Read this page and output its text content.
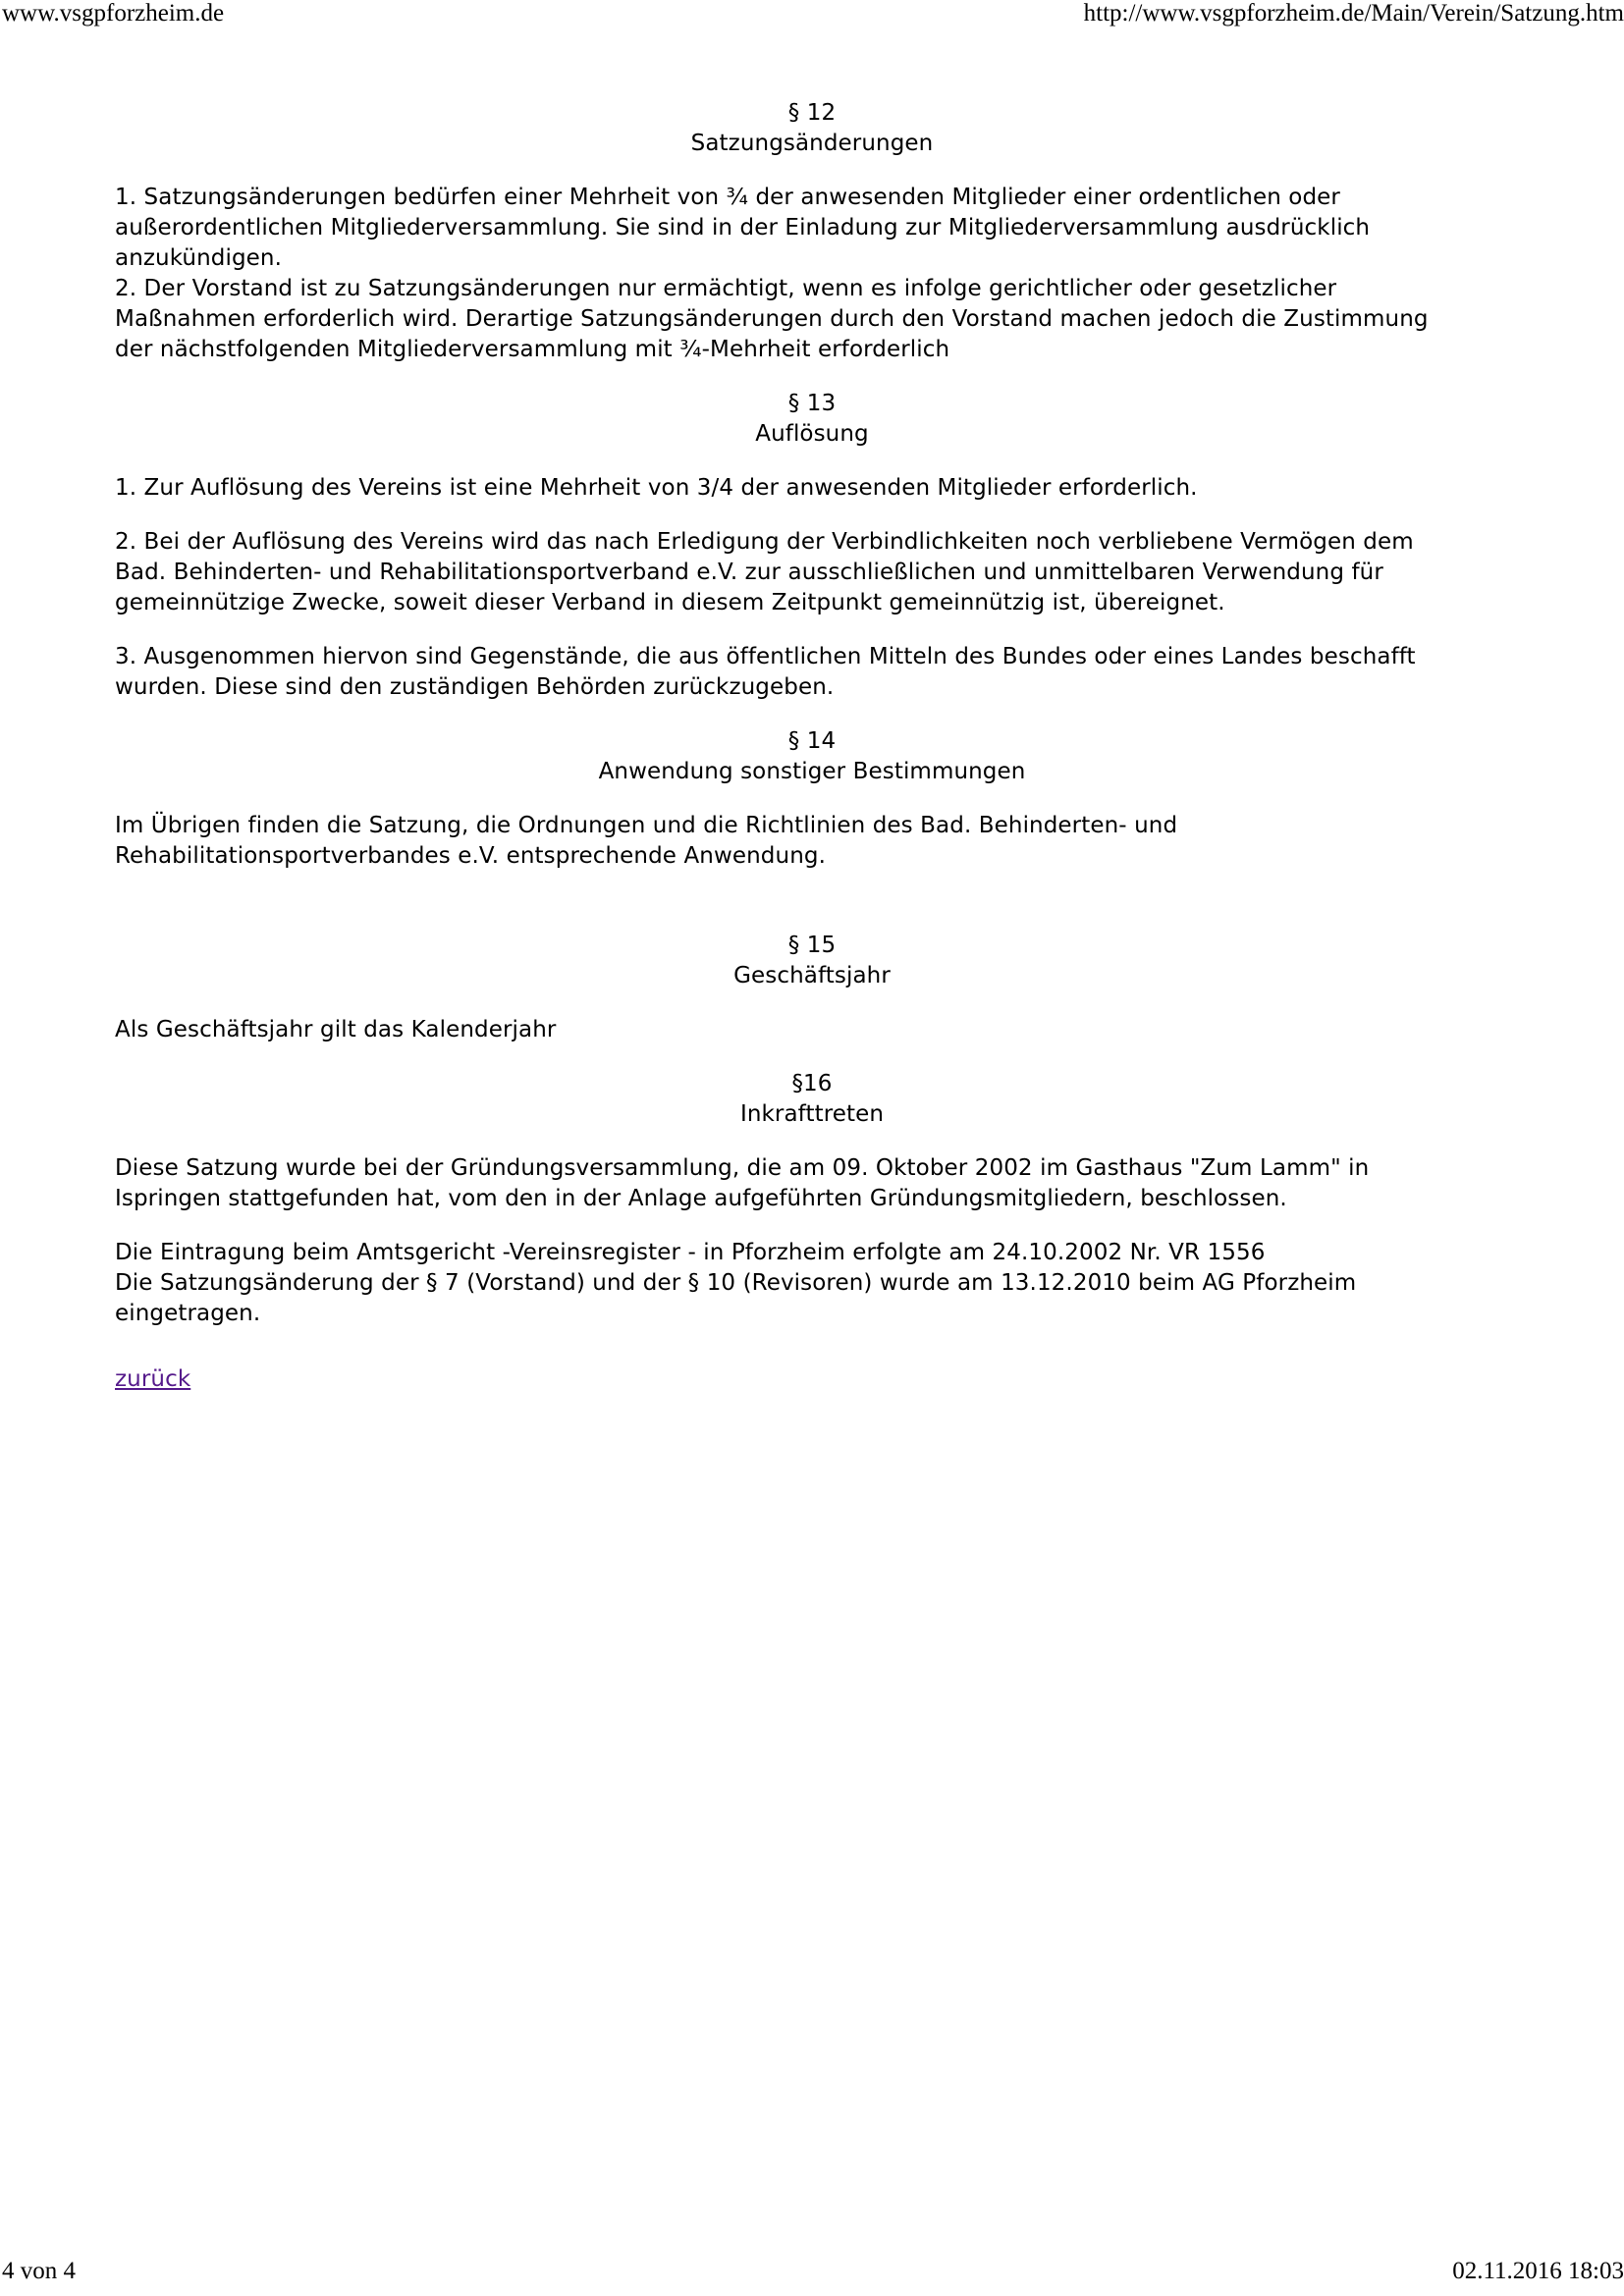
www.vsgpforzheim.de	http://www.vsgpforzheim.de/Main/Verein/Satzung.htm
§ 12
Satzungsänderungen
1. Satzungsänderungen bedürfen einer Mehrheit von ¾ der anwesenden Mitglieder einer ordentlichen oder
außerordentlichen Mitgliederversammlung. Sie sind in der Einladung zur Mitgliederversammlung ausdrücklich
anzukündigen.
2. Der Vorstand ist zu Satzungsänderungen nur ermächtigt, wenn es infolge gerichtlicher oder gesetzlicher
Maßnahmen erforderlich wird. Derartige Satzungsänderungen durch den Vorstand machen jedoch die Zustimmung
der nächstfolgenden Mitgliederversammlung mit ¾-Mehrheit erforderlich
§ 13
Auflösung
1. Zur Auflösung des Vereins ist eine Mehrheit von 3/4 der anwesenden Mitglieder erforderlich.
2. Bei der Auflösung des Vereins wird das nach Erledigung der Verbindlichkeiten noch verbliebene Vermögen dem
Bad. Behinderten- und Rehabilitationsportverband e.V. zur ausschließlichen und unmittelbaren Verwendung für
gemeinnützige Zwecke, soweit dieser Verband in diesem Zeitpunkt gemeinnützig ist, übereignet.
3. Ausgenommen hiervon sind Gegenstände, die aus öffentlichen Mitteln des Bundes oder eines Landes beschafft
wurden. Diese sind den zuständigen Behörden zurückzugeben.
§ 14
Anwendung sonstiger Bestimmungen
Im Übrigen finden die Satzung, die Ordnungen und die Richtlinien des Bad. Behinderten- und
Rehabilitationsportverbandes e.V. entsprechende Anwendung.
§ 15
Geschäftsjahr
Als Geschäftsjahr gilt das Kalenderjahr
§16
Inkrafttreten
Diese Satzung wurde bei der Gründungsversammlung, die am 09. Oktober 2002 im Gasthaus "Zum Lamm" in
Ispringen stattgefunden hat, vom den in der Anlage aufgeführten Gründungsmitgliedern, beschlossen.
Die Eintragung beim Amtsgericht -Vereinsregister - in Pforzheim erfolgte am 24.10.2002 Nr. VR 1556
Die Satzungsänderung der § 7 (Vorstand) und der § 10 (Revisoren) wurde am 13.12.2010 beim AG Pforzheim
eingetragen.
zurück
4 von 4	02.11.2016 18:03
